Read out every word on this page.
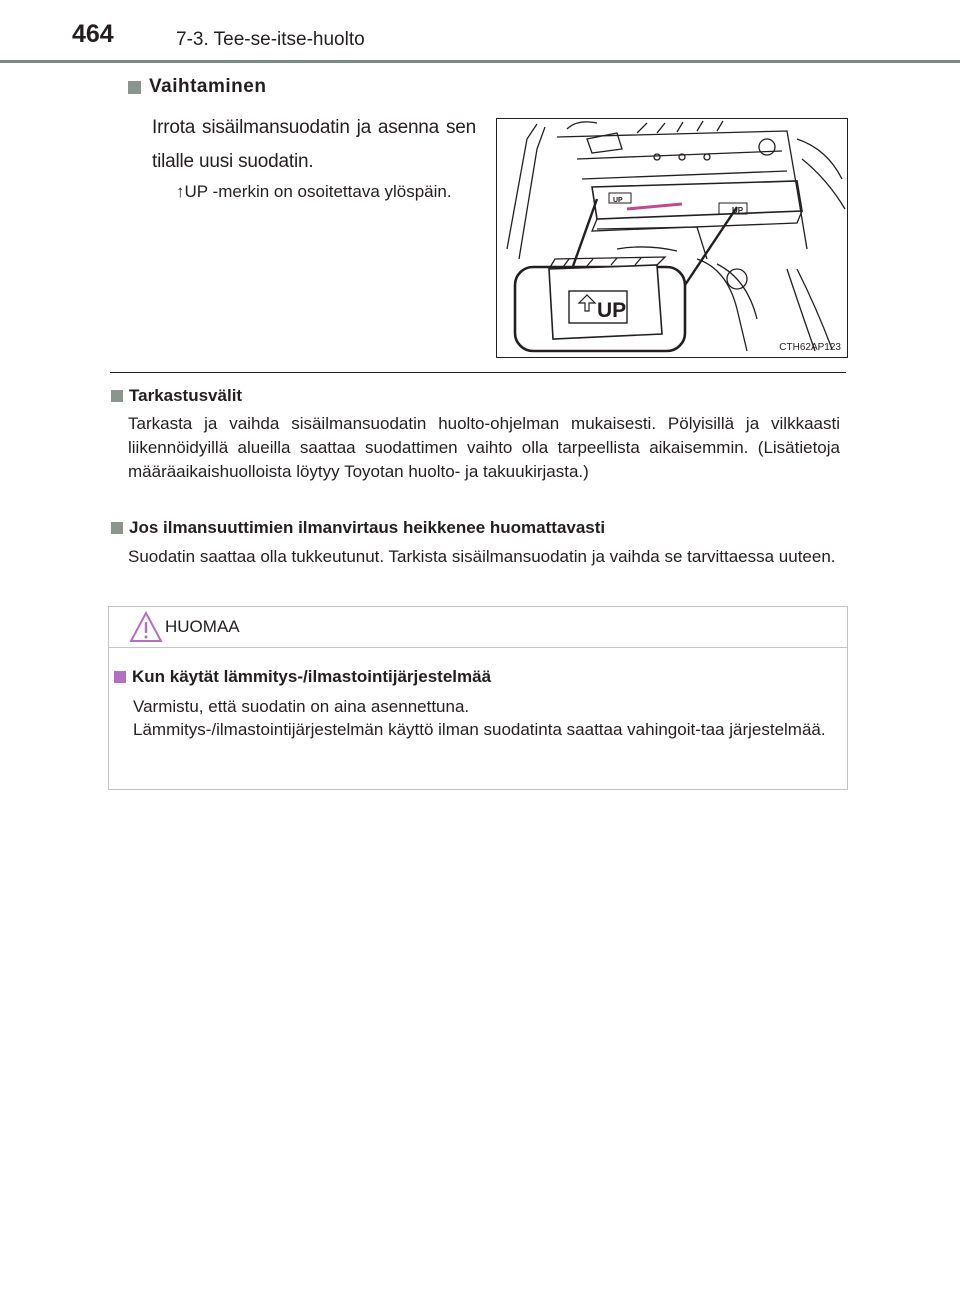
464	7-3. Tee-se-itse-huolto
Vaihtaminen
Irrota sisäilmansuodatin ja asenna sen tilalle uusi suodatin.
↑UP -merkin on osoitettava ylöspäin.
UP
UP
UP
CTH62AP123
Tarkastusvälit
Tarkasta ja vaihda sisäilmansuodatin huolto-ohjelman mukaisesti. Pölyisillä ja vilkkaasti liikennöidyillä alueilla saattaa suodattimen vaihto olla tarpeellista aikaisemmin. (Lisätietoja määräaikaishuolloista löytyy Toyotan huolto- ja takuukirjasta.)
Jos ilmansuuttimien ilmanvirtaus heikkenee huomattavasti
Suodatin saattaa olla tukkeutunut. Tarkista sisäilmansuodatin ja vaihda se tarvittaessa uuteen.
HUOMAA
Kun käytät lämmitys-/ilmastointijärjestelmää
Varmistu, että suodatin on aina asennettuna.
Lämmitys-/ilmastointijärjestelmän käyttö ilman suodatinta saattaa vahingoit-taa järjestelmää.
